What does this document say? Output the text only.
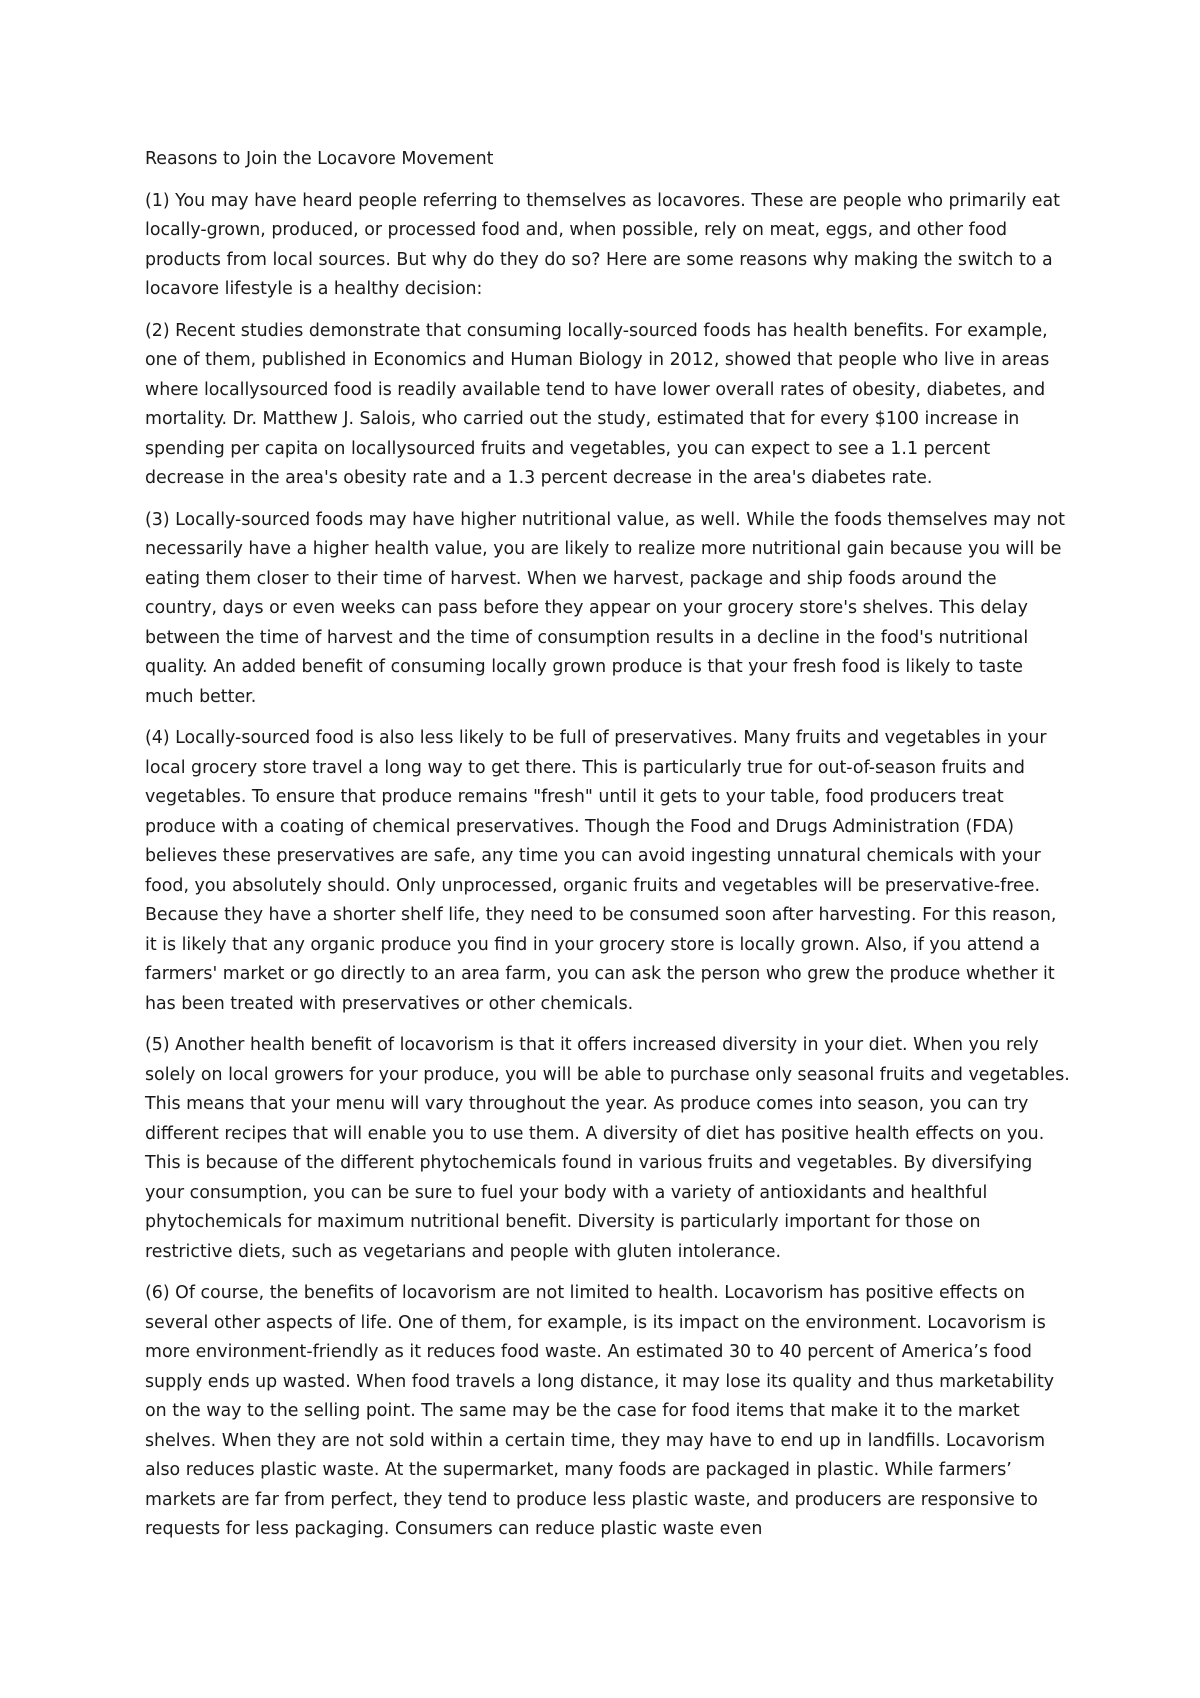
Reasons to Join the Locavore Movement

(1) You may have heard people referring to themselves as locavores. These are people who primarily eat locally-grown, produced, or processed food and, when possible, rely on meat, eggs, and other food products from local sources. But why do they do so? Here are some reasons why making the switch to a locavore lifestyle is a healthy decision:

(2) Recent studies demonstrate that consuming locally-sourced foods has health benefits. For example, one of them, published in Economics and Human Biology in 2012, showed that people who live in areas where locallysourced food is readily available tend to have lower overall rates of obesity, diabetes, and mortality. Dr. Matthew J. Salois, who carried out the study, estimated that for every $100 increase in spending per capita on locallysourced fruits and vegetables, you can expect to see a 1.1 percent decrease in the area's obesity rate and a 1.3 percent decrease in the area's diabetes rate.

(3) Locally-sourced foods may have higher nutritional value, as well. While the foods themselves may not necessarily have a higher health value, you are likely to realize more nutritional gain because you will be eating them closer to their time of harvest. When we harvest, package and ship foods around the country, days or even weeks can pass before they appear on your grocery store's shelves. This delay between the time of harvest and the time of consumption results in a decline in the food's nutritional quality. An added benefit of consuming locally grown produce is that your fresh food is likely to taste much better.

(4) Locally-sourced food is also less likely to be full of preservatives. Many fruits and vegetables in your local grocery store travel a long way to get there. This is particularly true for out-of-season fruits and vegetables. To ensure that produce remains "fresh" until it gets to your table, food producers treat produce with a coating of chemical preservatives. Though the Food and Drugs Administration (FDA) believes these preservatives are safe, any time you can avoid ingesting unnatural chemicals with your food, you absolutely should. Only unprocessed, organic fruits and vegetables will be preservative-free. Because they have a shorter shelf life, they need to be consumed soon after harvesting. For this reason, it is likely that any organic produce you find in your grocery store is locally grown. Also, if you attend a farmers' market or go directly to an area farm, you can ask the person who grew the produce whether it has been treated with preservatives or other chemicals.

(5) Another health benefit of locavorism is that it offers increased diversity in your diet. When you rely solely on local growers for your produce, you will be able to purchase only seasonal fruits and vegetables. This means that your menu will vary throughout the year. As produce comes into season, you can try different recipes that will enable you to use them. A diversity of diet has positive health effects on you. This is because of the different phytochemicals found in various fruits and vegetables. By diversifying your consumption, you can be sure to fuel your body with a variety of antioxidants and healthful phytochemicals for maximum nutritional benefit. Diversity is particularly important for those on restrictive diets, such as vegetarians and people with gluten intolerance.

(6) Of course, the benefits of locavorism are not limited to health. Locavorism has positive effects on several other aspects of life. One of them, for example, is its impact on the environment. Locavorism is more environment-friendly as it reduces food waste. An estimated 30 to 40 percent of America’s food supply ends up wasted. When food travels a long distance, it may lose its quality and thus marketability on the way to the selling point. The same may be the case for food items that make it to the market shelves. When they are not sold within a certain time, they may have to end up in landfills. Locavorism also reduces plastic waste. At the supermarket, many foods are packaged in plastic. While farmers’ markets are far from perfect, they tend to produce less plastic waste, and producers are responsive to requests for less packaging. Consumers can reduce plastic waste even
